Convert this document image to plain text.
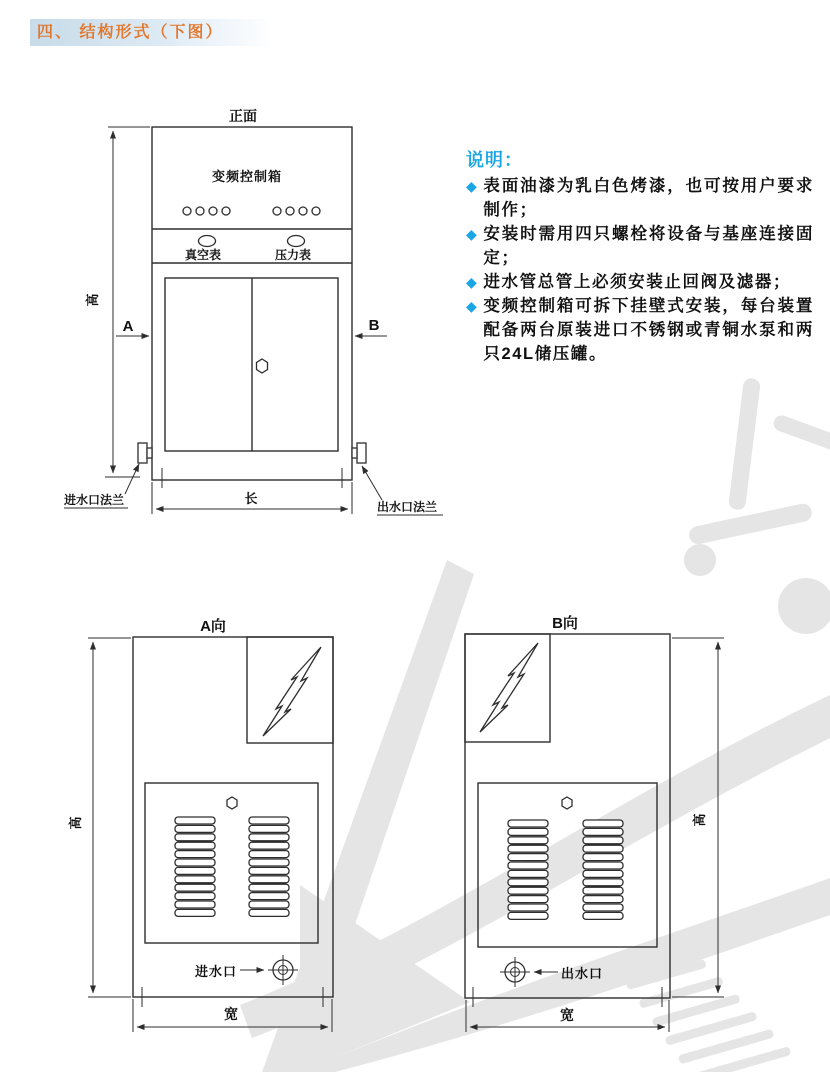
正面
变频控制箱
真空表	压力表
高
A	B
长
进水口法兰	出水口法兰
A向
进水口
宽
高
B向
出水口
宽
高
四、 结构形式（下图）
说明：
◆ 表面油漆为乳白色烤漆，也可按用户要求制作；
◆ 安装时需用四只螺栓将设备与基座连接固定；
◆ 进水管总管上必须安装止回阀及滤器；
◆ 变频控制箱可拆下挂壁式安装，每台装置配备两台原装进口不锈钢或青铜水泵和两只24L储压罐。
